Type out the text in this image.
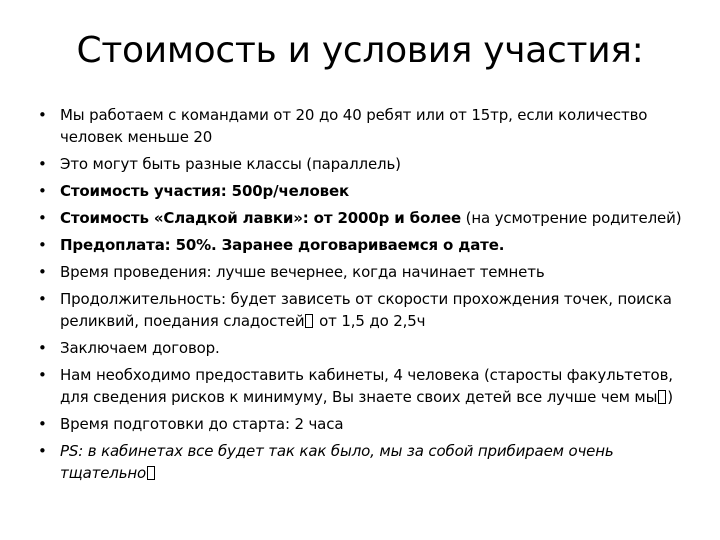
Стоимость и условия участия:
• Мы работаем с командами от 20 до 40 ребят или от 15тр, если количество человек меньше 20
• Это могут быть разные классы (параллель)
• Стоимость участия: 500р/человек
• Стоимость «Сладкой лавки»: от 2000р и более (на усмотрение родителей)
• Предоплата: 50%. Заранее договариваемся о дате.
• Время проведения: лучше вечернее, когда начинает темнеть
• Продолжительность: будет зависеть от скорости прохождения точек, поиска реликвий, поедания сладостей от 1,5 до 2,5ч
• Заключаем договор.
• Нам необходимо предоставить кабинеты, 4 человека (старосты факультетов, для сведения рисков к минимуму, Вы знаете своих детей все лучше чем мы )
• Время подготовки до старта: 2 часа
• PS: в кабинетах все будет так как было, мы за собой прибираем очень тщательно
